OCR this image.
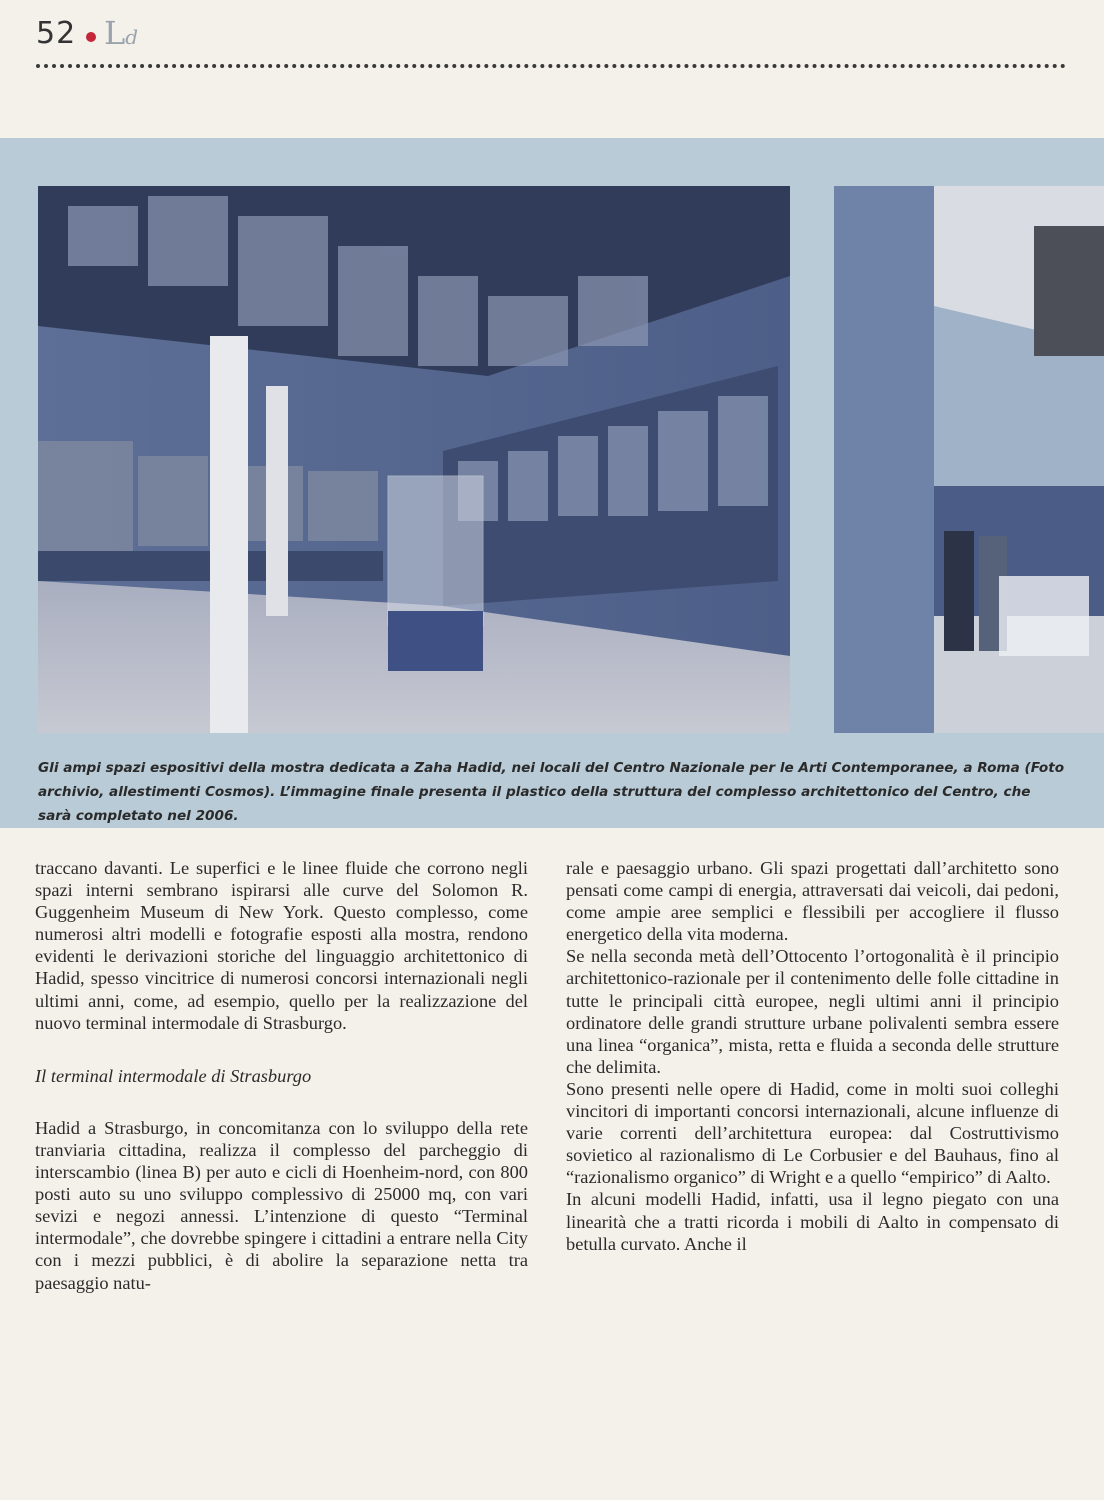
52 Ld
Gli ampi spazi espositivi della mostra dedicata a Zaha Hadid, nei locali del Centro Nazionale per le Arti Contemporanee, a Roma (Foto archivio, allestimenti Cosmos). L’immagine finale presenta il plastico della struttura del complesso architettonico del Centro, che sarà completato nel 2006.

traccano davanti. Le superfici e le linee fluide che corrono negli spazi interni sembrano ispirarsi alle curve del Solomon R. Guggenheim Museum di New York. Questo complesso, come numerosi altri modelli e fotografie esposti alla mostra, rendono evidenti le derivazioni storiche del linguaggio architettonico di Hadid, spesso vincitrice di numerosi concorsi internazionali negli ultimi anni, come, ad esempio, quello per la realizzazione del nuovo terminal intermodale di Strasburgo.

Il terminal intermodale di Strasburgo

Hadid a Strasburgo, in concomitanza con lo sviluppo della rete tranviaria cittadina, realizza il complesso del parcheggio di interscambio (linea B) per auto e cicli di Hoenheim-nord, con 800 posti auto su uno sviluppo complessivo di 25000 mq, con vari sevizi e negozi annessi. L’intenzione di questo “Terminal intermodale”, che dovrebbe spingere i cittadini a entrare nella City con i mezzi pubblici, è di abolire la separazione netta tra paesaggio natu-

rale e paesaggio urbano. Gli spazi progettati dall’architetto sono pensati come campi di energia, attraversati dai veicoli, dai pedoni, come ampie aree semplici e flessibili per accogliere il flusso energetico della vita moderna.

Se nella seconda metà dell’Ottocento l’ortogonalità è il principio architettonico-razionale per il contenimento delle folle cittadine in tutte le principali città europee, negli ultimi anni il principio ordinatore delle grandi strutture urbane polivalenti sembra essere una linea “organica”, mista, retta e fluida a seconda delle strutture che delimita.

Sono presenti nelle opere di Hadid, come in molti suoi colleghi vincitori di importanti concorsi internazionali, alcune influenze di varie correnti dell’architettura europea: dal Costruttivismo sovietico al razionalismo di Le Corbusier e del Bauhaus, fino al “razionalismo organico” di Wright e a quello “empirico” di Aalto.

In alcuni modelli Hadid, infatti, usa il legno piegato con una linearità che a tratti ricorda i mobili di Aalto in compensato di betulla curvato. Anche il
